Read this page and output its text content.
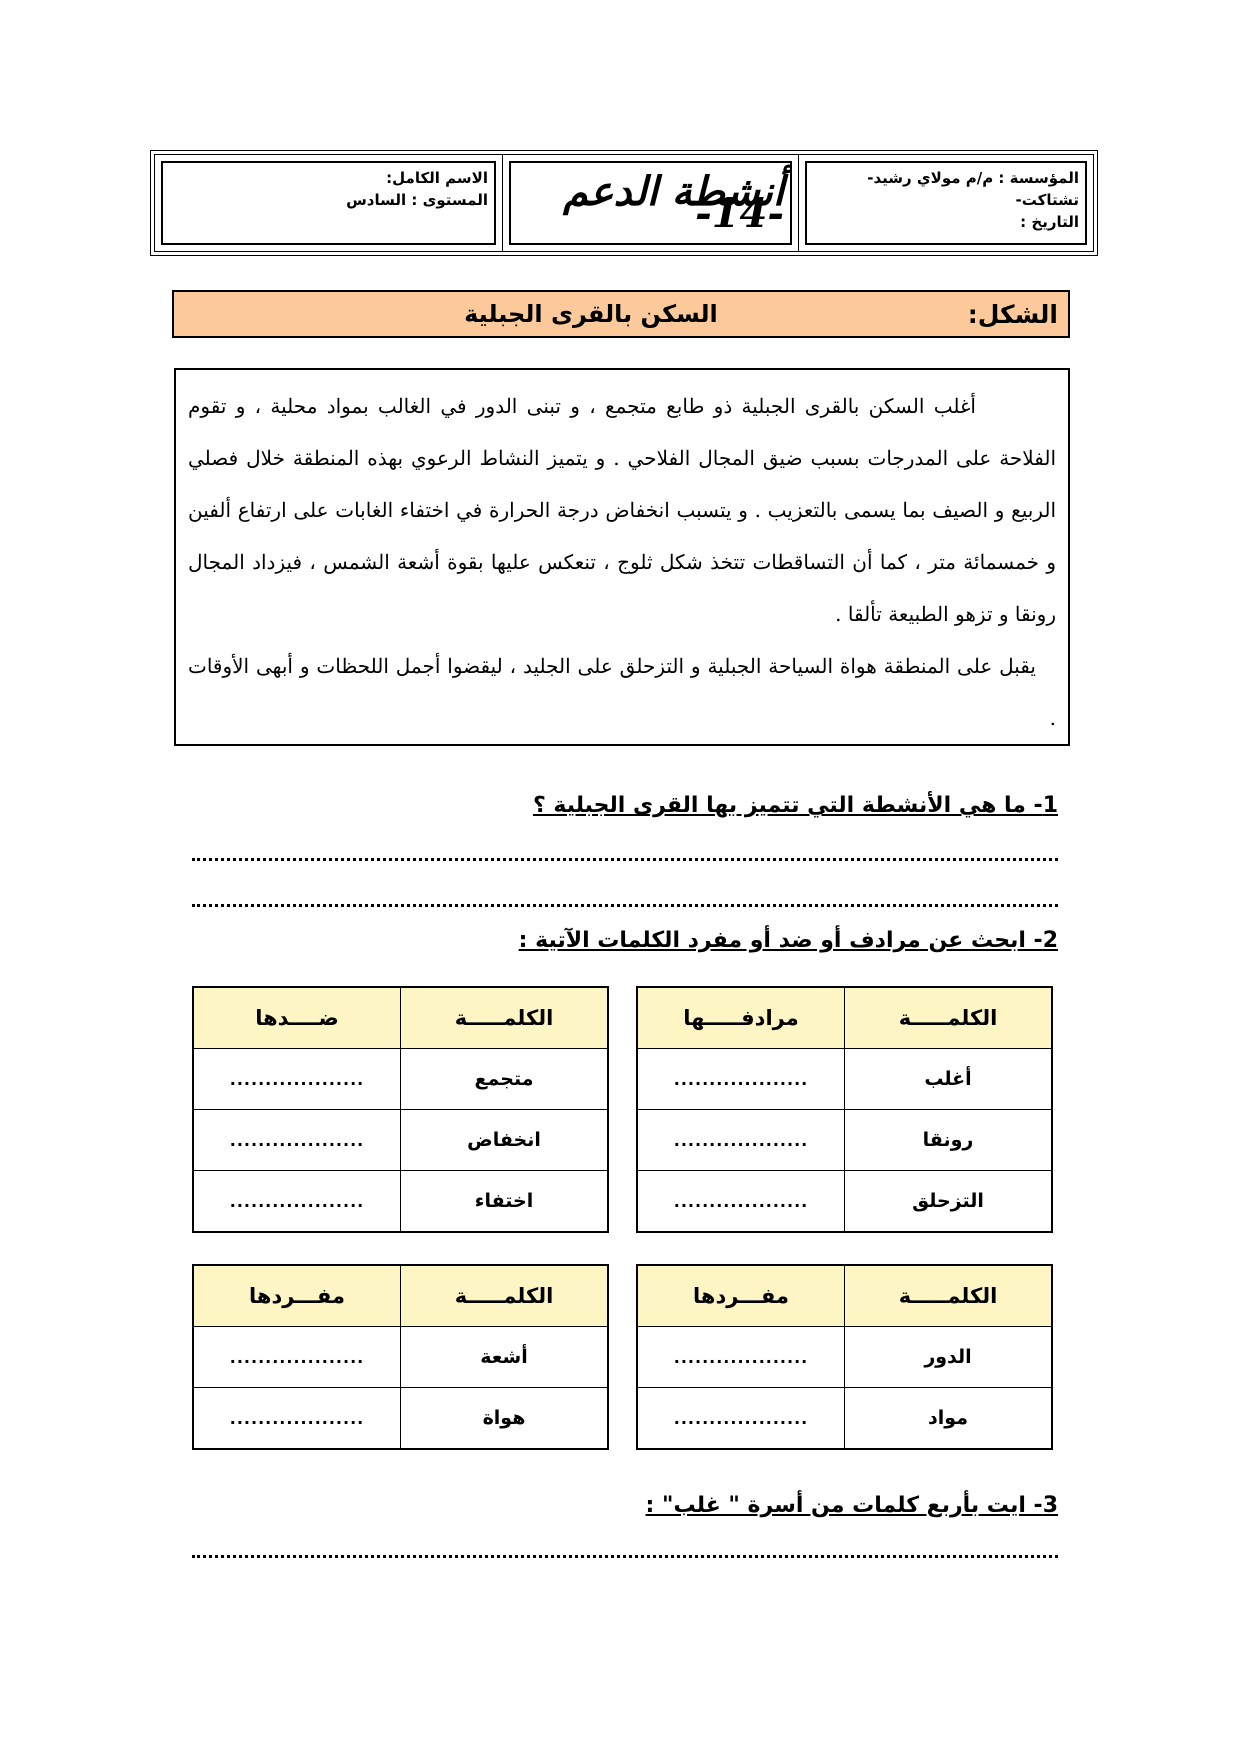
المؤسسة : م/م مولاي رشيد-تشتاكت-
التاريخ :
أنشطة الدعم -14-
الاسم الكامل:
المستوى : السادس
الشكل:
السكن بالقرى الجبلية

أغلب السكن بالقرى الجبلية ذو طابع متجمع ، و تبنى الدور في الغالب بمواد محلية ، و تقوم الفلاحة على المدرجات بسبب ضيق المجال الفلاحي . و يتميز النشاط الرعوي بهذه المنطقة خلال فصلي الربيع و الصيف بما يسمى بالتعزيب . و يتسبب انخفاض درجة الحرارة في اختفاء الغابات على ارتفاع ألفين و خمسمائة متر ، كما أن التساقطات تتخذ شكل ثلوج ، تنعكس عليها بقوة أشعة الشمس ، فيزداد المجال رونقا و تزهو الطبيعة تألقا .

يقبل على المنطقة هواة السياحة الجبلية و التزحلق على الجليد ، ليقضوا أجمل اللحظات و أبهى الأوقات .

1- ما هي الأنشطة التي تتميز بها القرى الجبلية ؟
2- ابحث عن مرادف أو ضد أو مفرد الكلمات الآتية :
الكلمـــــة	مرادفـــــها
أغلب	...................
رونقا	...................
التزحلق	...................
الكلمـــــة	ضــــدها
متجمع	...................
انخفاض	...................
اختفاء	...................
الكلمـــــة	مفـــردها
الدور	...................
مواد	...................
الكلمـــــة	مفـــردها
أشعة	...................
هواة	...................
3- ايت بأربع كلمات من أسرة " غلب" :
